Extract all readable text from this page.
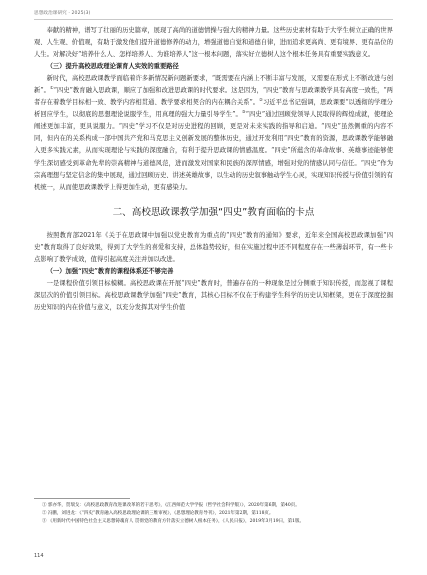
思想政治课研究 · 2025(3)

奉献的精神，谱写了壮丽的历史篇章，展现了高尚的道德情操与强大的精神力量。这些历史素材有助于大学生树立正确的世界观、人生观、价值观，有助于激发他们提升道德修养的动力，增强道德自觉和道德自律，进而追求更高尚、更有境界、更有品位的人生。对解决好“培养什么人、怎样培养人、为谁培养人”这一根本问题，落实好立德树人这个根本任务具有重要实践意义。

（三）提升高校思政理论课育人实效的重要路径

新时代，高校思政课教学面临着许多新情况新问题新要求，“既需要在内涵上不断丰富与发展，又需要在形式上不断改进与创新”。①“四史”教育融入思政课，顺应了加强和改进思政课的时代要求。这是因为，“四史”教育与思政课教学具有高度一致性，“两者存在着教学目标相一致、教学内容相贯通、教学要求相契合的内在耦合关系”。②习近平总书记强调，思政课要“以透彻的学理分析回应学生，以彻底的思想理论说服学生，用真理的强大力量引导学生”。③“四史”通过回顾党领导人民取得的辉煌成就，使理论阐述更加丰富，更具说服力。“四史”学习不仅是对历史进程的回顾，更是对未来实践的指导和启迪。“四史”虽然侧重的内容不同，但内在的关系构成一部中国共产党和马克思主义创新发展的整体历史，通过开发利用“四史”教育的资源，思政课教学能够融入更多实践元素，从而实现理论与实践的深度融合，有利于提升思政课的情感温度。“四史”所蕴含的革命故事、英雄事迹能够使学生深切感受到革命先辈的崇高精神与道德风范，进而激发对国家和民族的深厚情感，增强对党的情感认同与信任。“四史”作为宗高理想与坚定信念的集中展现，通过回顾历史、讲述英雄故事，以生动的历史叙事触动学生心灵，实现知识传授与价值引领的有机统一，从而使思政课教学上得更加生动，更有感染力。

二、高校思政课教学加强“四史”教育面临的卡点

按照教育部2021年《关于在思政课中加强以党史教育为重点的“四史”教育的通知》要求，近年来全国高校思政课加强“四史”教育取得了良好效果，得到了大学生的喜爱和支持，总体趋势较好，但在实施过程中还不同程度存在一些薄弱环节，有一些卡点影响了教学成效，值得引起高度关注并加以改进。

（一）加强“四史”教育的课程体系还不够完善

一是课程价值引领目标模糊。高校思政课在开展“四史”教育时，普遍存在的一种现象是过分侧重于知识传授，而忽视了课程深层次的价值引领目标。高校思政课教学加强“四史”教育，其核心目标不仅在于构建学生科学的历史认知框架，更在于深度挖掘历史知识的内在价值与意义，以充分发挥其对学生价值

① 郭亦华，贺瑞戈：《高校思政教育改进课改革的若干思考》，《江西师范大学学报（哲学社会科学版）》，2020年第6期，第40页。

② 冯鹏，刘进龙：《“四史”教育融入高校思政理论课的三维审视》，《思想理论教育导刊》，2021年第2期，第118页。

③ 《用新时代中国特色社会主义思想铸魂育人 贯彻党的教育方针落实立德树人根本任务》，《人民日报》，2019年3月19日，第1版。

114
